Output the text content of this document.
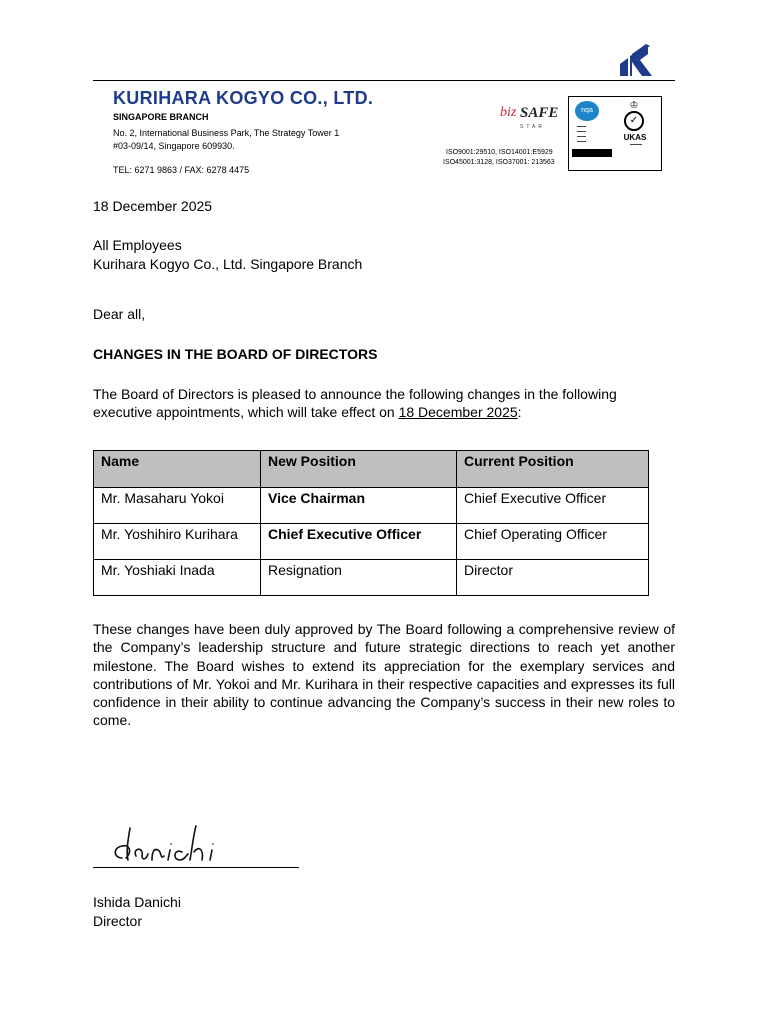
KURIHARA KOGYO CO., LTD.
SINGAPORE BRANCH
No. 2, International Business Park, The Strategy Tower 1
#03-09/14, Singapore 609930.
TEL: 6271 9863 / FAX: 6278 4475
biz SAFE
STAR
ISO9001:29510, ISO14001:E5929
ISO45001:3128, ISO37001: 213563
nqa
▬▬▬
▬▬▬
▬▬▬
▬▬▬
♔
✓
UKAS
▬▬▬▬
18 December 2025
All Employees
Kurihara Kogyo Co., Ltd. Singapore Branch
Dear all,
CHANGES IN THE BOARD OF DIRECTORS
The Board of Directors is pleased to announce the following changes in the following
executive appointments, which will take effect on 18 December 2025:
Name	New Position	Current Position
Mr. Masaharu Yokoi	Vice Chairman	Chief Executive Officer
Mr. Yoshihiro Kurihara	Chief Executive Officer	Chief Operating Officer
Mr. Yoshiaki Inada	Resignation	Director
These changes have been duly approved by The Board following a comprehensive review of the Company’s leadership structure and future strategic directions to reach yet another milestone. The Board wishes to extend its appreciation for the exemplary services and contributions of Mr. Yokoi and Mr. Kurihara in their respective capacities and expresses its full confidence in their ability to continue advancing the Company’s success in their new roles to come.
Ishida Danichi
Director
